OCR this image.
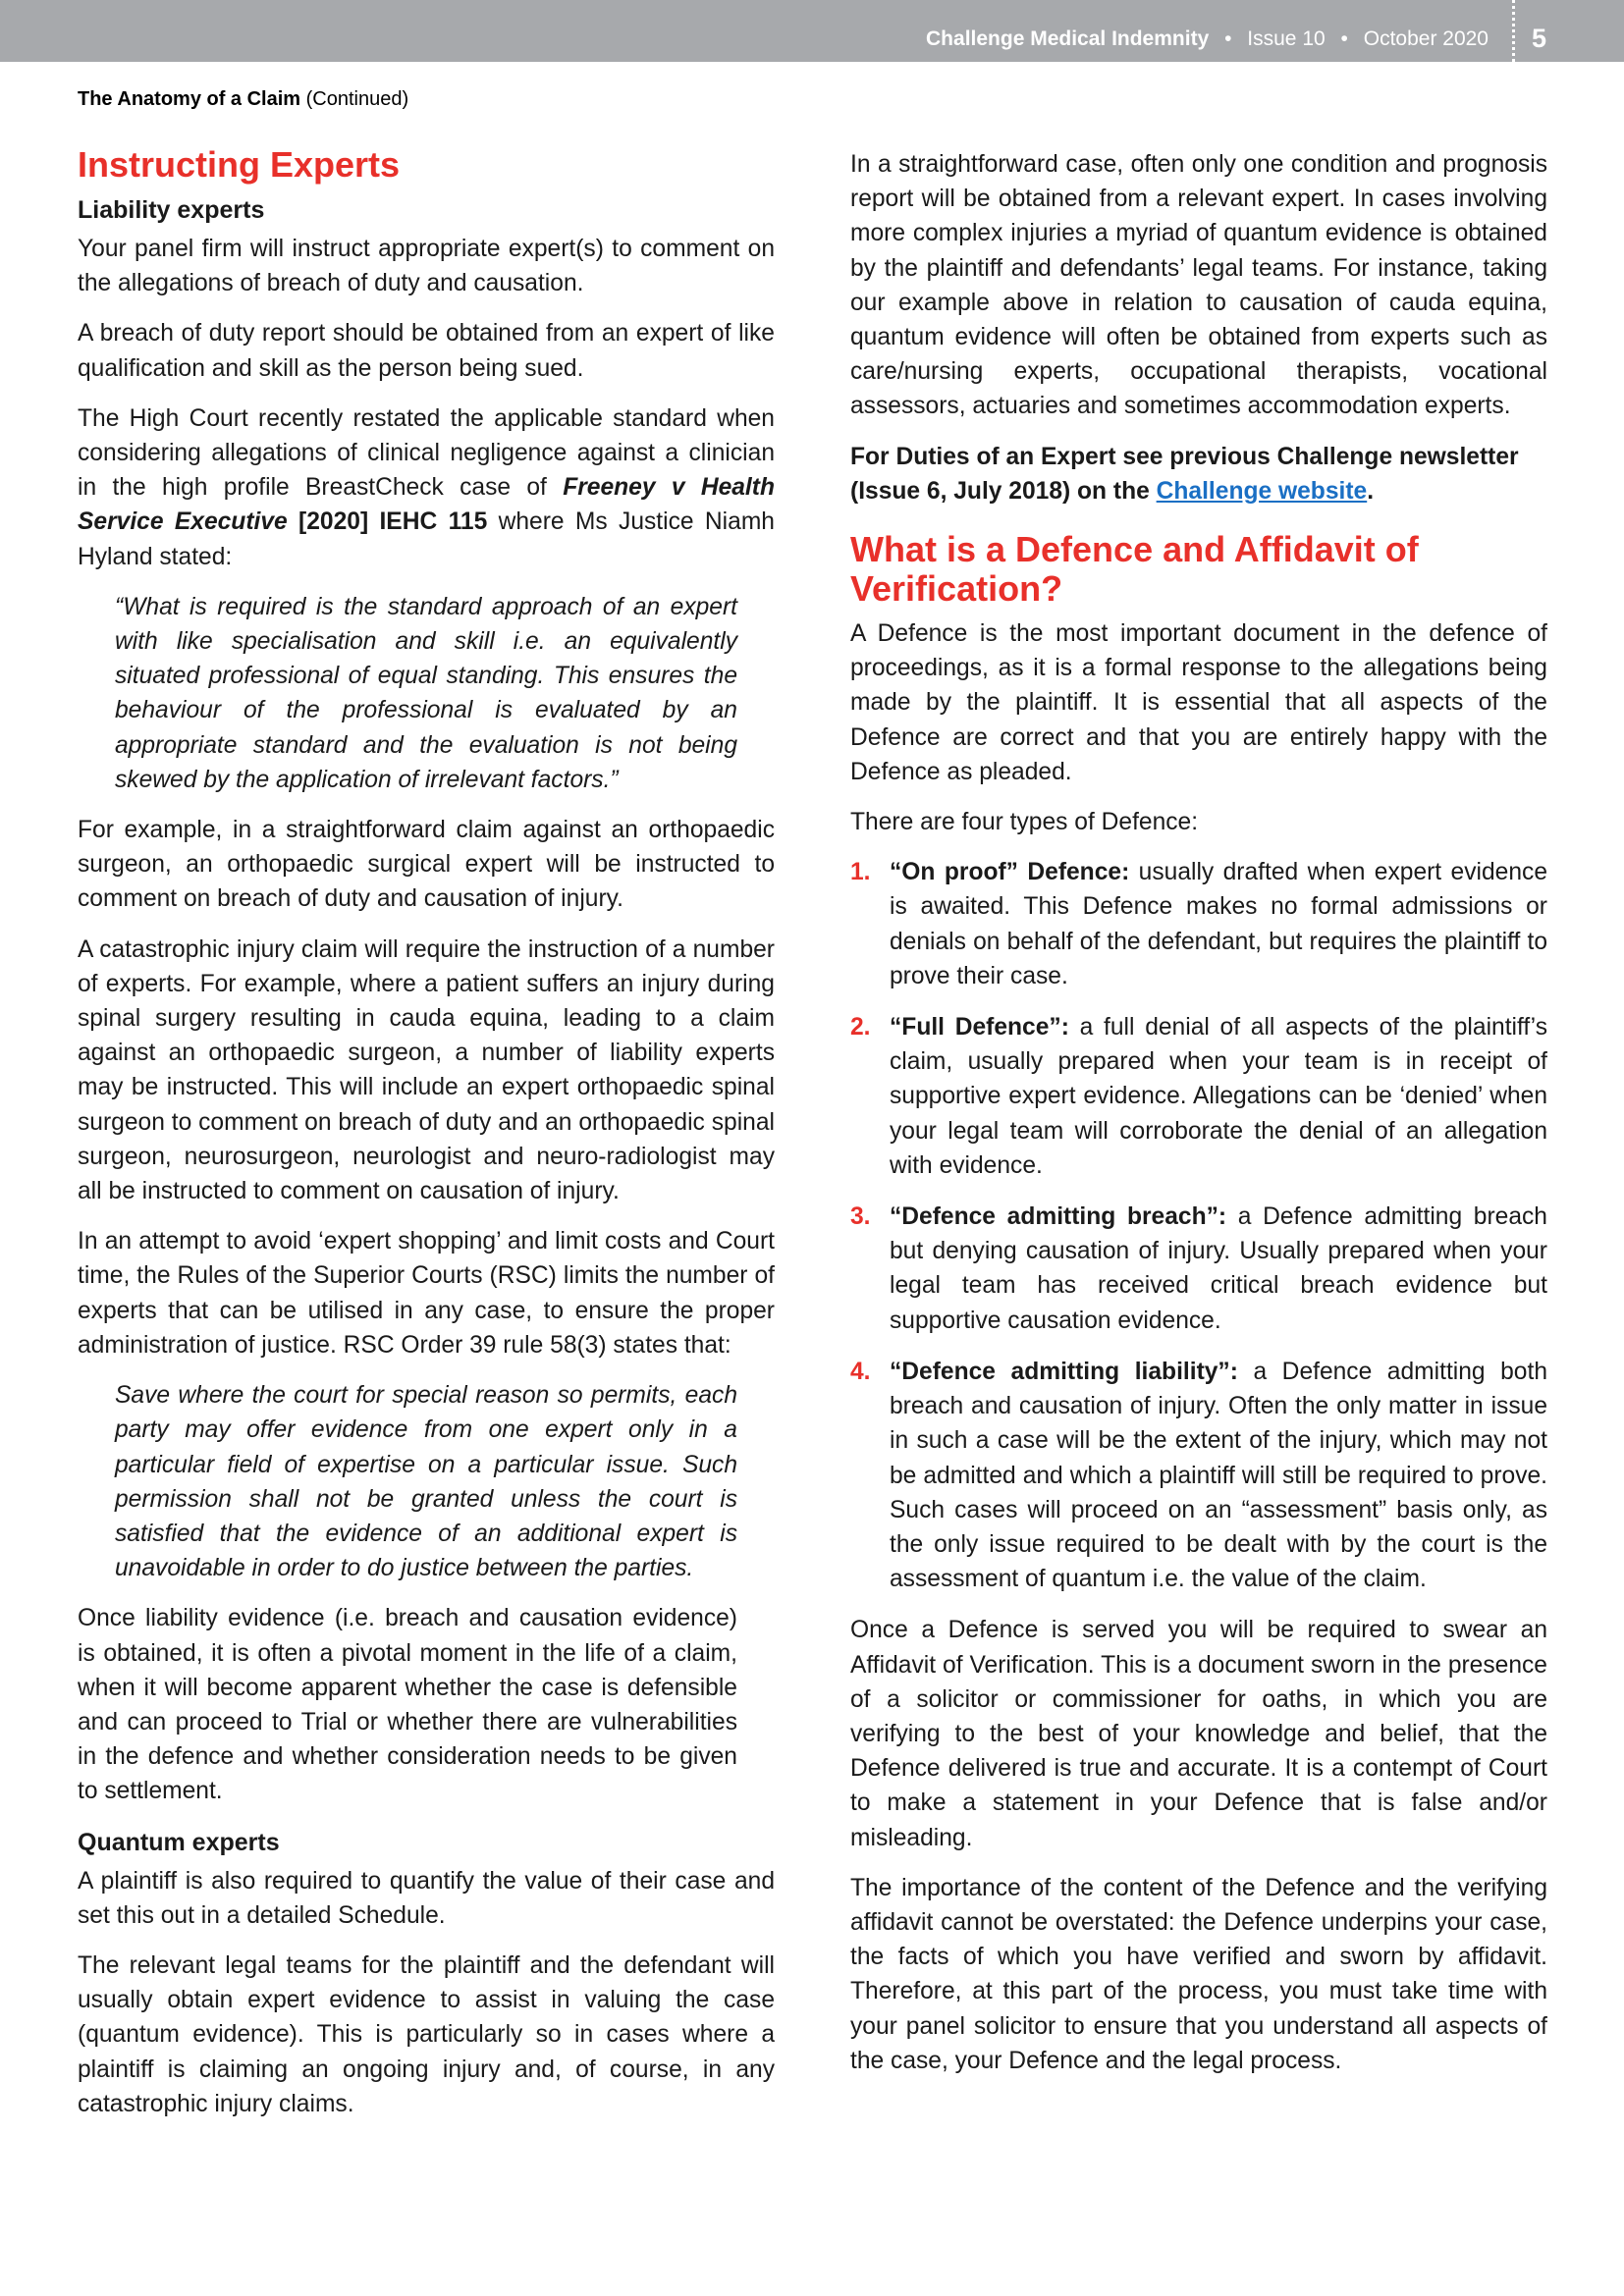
Challenge Medical Indemnity • Issue 10 • October 2020 5
The Anatomy of a Claim (Continued)
Instructing Experts
Liability experts

Your panel firm will instruct appropriate expert(s) to comment on the allegations of breach of duty and causation.

A breach of duty report should be obtained from an expert of like qualification and skill as the person being sued.

The High Court recently restated the applicable standard when considering allegations of clinical negligence against a clinician in the high profile BreastCheck case of Freeney v Health Service Executive [2020] IEHC 115 where Ms Justice Niamh Hyland stated:

“What is required is the standard approach of an expert with like specialisation and skill i.e. an equivalently situated professional of equal standing. This ensures the behaviour of the professional is evaluated by an appropriate standard and the evaluation is not being skewed by the application of irrelevant factors.”

For example, in a straightforward claim against an orthopaedic surgeon, an orthopaedic surgical expert will be instructed to comment on breach of duty and causation of injury.

A catastrophic injury claim will require the instruction of a number of experts. For example, where a patient suffers an injury during spinal surgery resulting in cauda equina, leading to a claim against an orthopaedic surgeon, a number of liability experts may be instructed. This will include an expert orthopaedic spinal surgeon to comment on breach of duty and an orthopaedic spinal surgeon, neurosurgeon, neurologist and neuro-radiologist may all be instructed to comment on causation of injury.

In an attempt to avoid ‘expert shopping’ and limit costs and Court time, the Rules of the Superior Courts (RSC) limits the number of experts that can be utilised in any case, to ensure the proper administration of justice. RSC Order 39 rule 58(3) states that:

Save where the court for special reason so permits, each party may offer evidence from one expert only in a particular field of expertise on a particular issue. Such permission shall not be granted unless the court is satisfied that the evidence of an additional expert is unavoidable in order to do justice between the parties.

Once liability evidence (i.e. breach and causation evidence) is obtained, it is often a pivotal moment in the life of a claim, when it will become apparent whether the case is defensible and can proceed to Trial or whether there are vulnerabilities in the defence and whether consideration needs to be given to settlement.

Quantum experts

A plaintiff is also required to quantify the value of their case and set this out in a detailed Schedule.

The relevant legal teams for the plaintiff and the defendant will usually obtain expert evidence to assist in valuing the case (quantum evidence). This is particularly so in cases where a plaintiff is claiming an ongoing injury and, of course, in any catastrophic injury claims.

In a straightforward case, often only one condition and prognosis report will be obtained from a relevant expert. In cases involving more complex injuries a myriad of quantum evidence is obtained by the plaintiff and defendants’ legal teams. For instance, taking our example above in relation to causation of cauda equina, quantum evidence will often be obtained from experts such as care/nursing experts, occupational therapists, vocational assessors, actuaries and sometimes accommodation experts.

For Duties of an Expert see previous Challenge newsletter (Issue 6, July 2018) on the Challenge website.

What is a Defence and Affidavit of Verification?

A Defence is the most important document in the defence of proceedings, as it is a formal response to the allegations being made by the plaintiff. It is essential that all aspects of the Defence are correct and that you are entirely happy with the Defence as pleaded.

There are four types of Defence:

1. “On proof” Defence: usually drafted when expert evidence is awaited. This Defence makes no formal admissions or denials on behalf of the defendant, but requires the plaintiff to prove their case.
2. “Full Defence”: a full denial of all aspects of the plaintiff’s claim, usually prepared when your team is in receipt of supportive expert evidence. Allegations can be ‘denied’ when your legal team will corroborate the denial of an allegation with evidence.
3. “Defence admitting breach”: a Defence admitting breach but denying causation of injury. Usually prepared when your legal team has received critical breach evidence but supportive causation evidence.
4. “Defence admitting liability”: a Defence admitting both breach and causation of injury. Often the only matter in issue in such a case will be the extent of the injury, which may not be admitted and which a plaintiff will still be required to prove. Such cases will proceed on an “assessment” basis only, as the only issue required to be dealt with by the court is the assessment of quantum i.e. the value of the claim.

Once a Defence is served you will be required to swear an Affidavit of Verification. This is a document sworn in the presence of a solicitor or commissioner for oaths, in which you are verifying to the best of your knowledge and belief, that the Defence delivered is true and accurate. It is a contempt of Court to make a statement in your Defence that is false and/or misleading.

The importance of the content of the Defence and the verifying affidavit cannot be overstated: the Defence underpins your case, the facts of which you have verified and sworn by affidavit. Therefore, at this part of the process, you must take time with your panel solicitor to ensure that you understand all aspects of the case, your Defence and the legal process.
